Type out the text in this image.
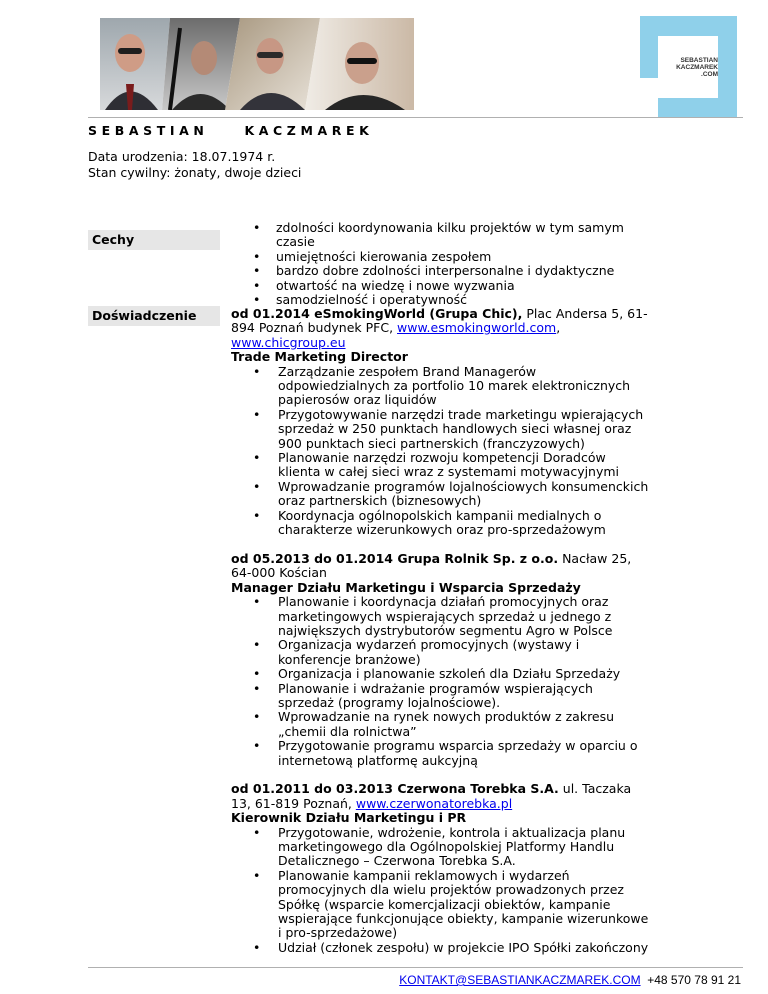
SEBASTIAN
KACZMAREK
.COM
SEBASTIAN	KACZMAREK
Data urodzenia: 18.07.1974 r.
Stan cywilny: żonaty, dwoje dzieci
Cechy
• zdolności koordynowania kilku projektów w tym samym czasie
• umiejętności kierowania zespołem
• bardzo dobre zdolności interpersonalne i dydaktyczne
• otwartość na wiedzę i nowe wyzwania
• samodzielność i operatywność
Doświadczenie	od 01.2014 eSmokingWorld (Grupa Chic), Plac Andersa 5, 61-894 Poznań budynek PFC, www.esmokingworld.com, www.chicgroup.eu

Trade Marketing Director

• Zarządzanie zespołem Brand Managerów odpowiedzialnych za portfolio 10 marek elektronicznych papierosów oraz liquidów
• Przygotowywanie narzędzi trade marketingu wpierających sprzedaż w 250 punktach handlowych sieci własnej oraz 900 punktach sieci partnerskich (franczyzowych)
• Planowanie narzędzi rozwoju kompetencji Doradców klienta w całej sieci wraz z systemami motywacyjnymi
• Wprowadzanie programów lojalnościowych konsumenckich oraz partnerskich (biznesowych)
• Koordynacja ogólnopolskich kampanii medialnych o charakterze wizerunkowych oraz pro-sprzedażowym

od 05.2013 do 01.2014 Grupa Rolnik Sp. z o.o. Nacław 25, 64-000 Kościan

Manager Działu Marketingu i Wsparcia Sprzedaży

• Planowanie i koordynacja działań promocyjnych oraz marketingowych wspierających sprzedaż u jednego z największych dystrybutorów segmentu Agro w Polsce
• Organizacja wydarzeń promocyjnych (wystawy i konferencje branżowe)
• Organizacja i planowanie szkoleń dla Działu Sprzedaży
• Planowanie i wdrażanie programów wspierających sprzedaż (programy lojalnościowe).
• Wprowadzanie na rynek nowych produktów z zakresu „chemii dla rolnictwa”
• Przygotowanie programu wsparcia sprzedaży w oparciu o internetową platformę aukcyjną

od 01.2011 do 03.2013 Czerwona Torebka S.A. ul. Taczaka 13, 61-819 Poznań, www.czerwonatorebka.pl

Kierownik Działu Marketingu i PR

• Przygotowanie, wdrożenie, kontrola i aktualizacja planu marketingowego dla Ogólnopolskiej Platformy Handlu Detalicznego – Czerwona Torebka S.A.
• Planowanie kampanii reklamowych i wydarzeń promocyjnych dla wielu projektów prowadzonych przez Spółkę (wsparcie komercjalizacji obiektów, kampanie wspierające funkcjonujące obiekty, kampanie wizerunkowe i pro-sprzedażowe)
• Udział (członek zespołu) w projekcie IPO Spółki zakończony
KONTAKT@SEBASTIANKACZMAREK.COM +48 570 78 91 21
